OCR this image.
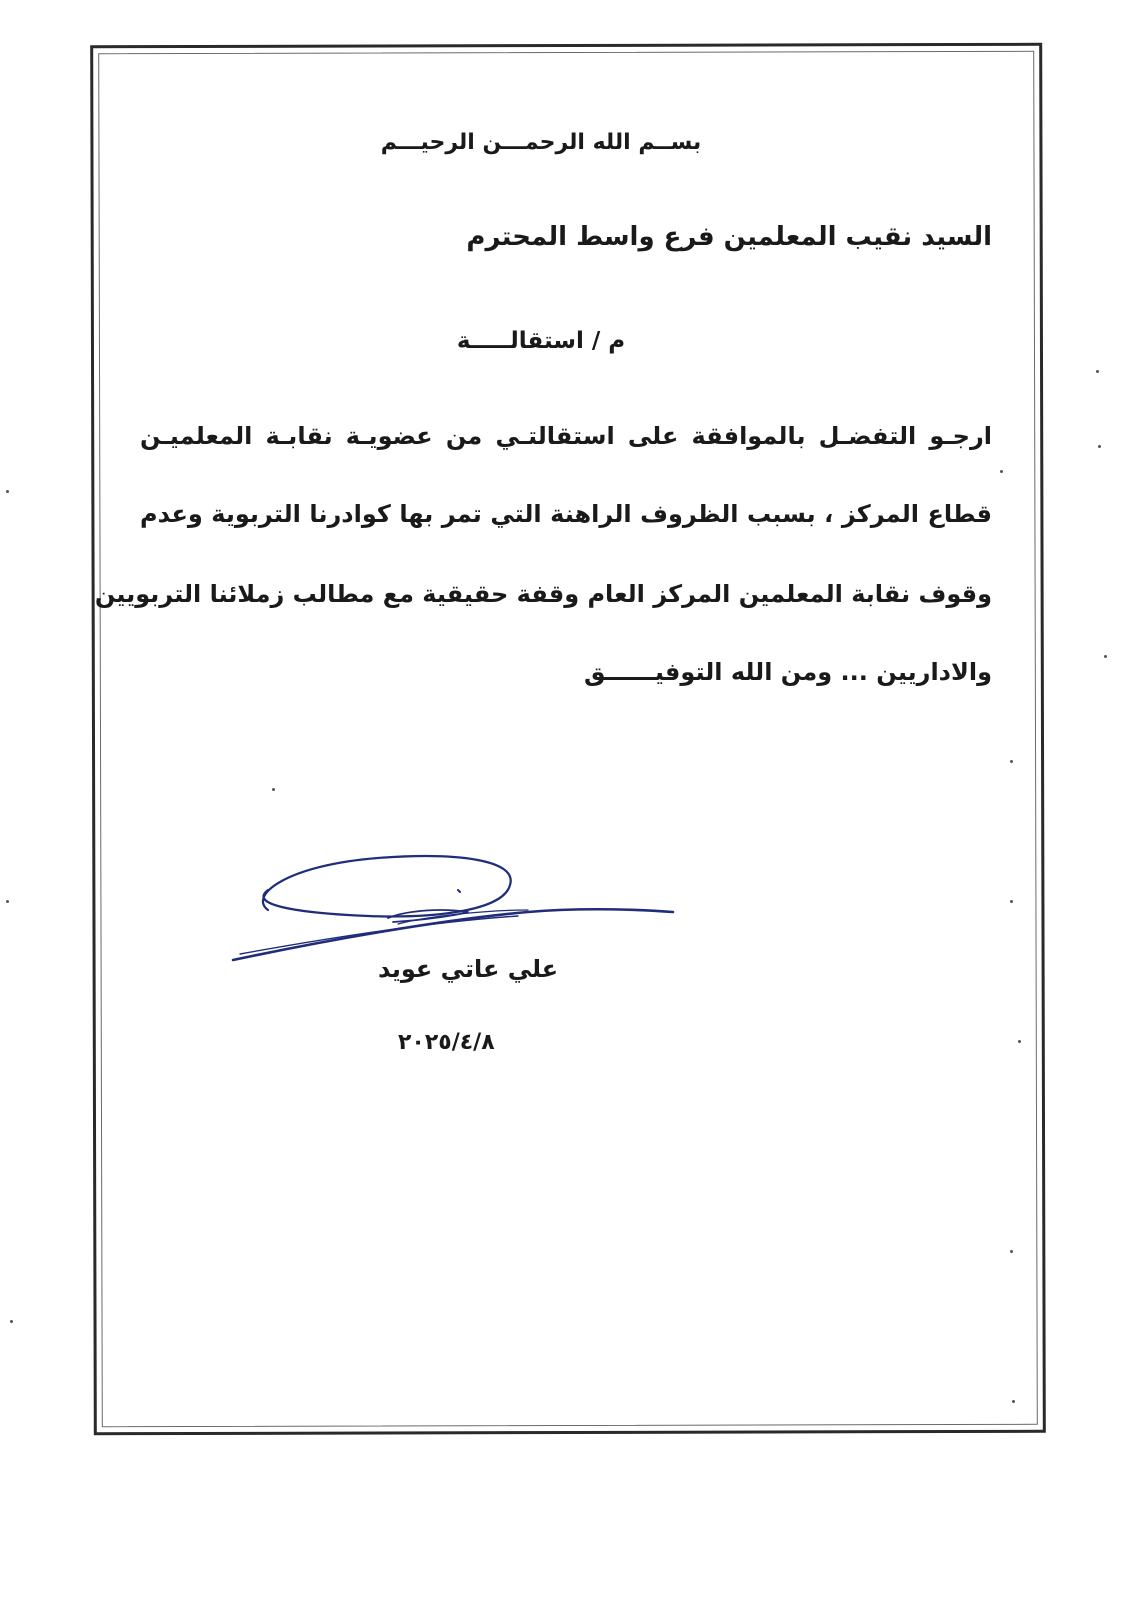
بســم الله الرحمـــن الرحيـــم
السيد نقيب المعلمين فرع واسط المحترم
م / استقالـــــة
ارجـو التفضـل بالموافقة على استقالتـي من عضويـة نقابـة المعلميـن
قطاع المركز ، بسبب الظروف الراهنة التي تمر بها كوادرنا التربوية وعدم
وقوف نقابة المعلمين المركز العام وقفة حقيقية مع مطالب زملائنا التربويين
والاداريين ... ومن الله التوفيــــــق
علي عاتي عويد
٢٠٢٥/٤/٨
